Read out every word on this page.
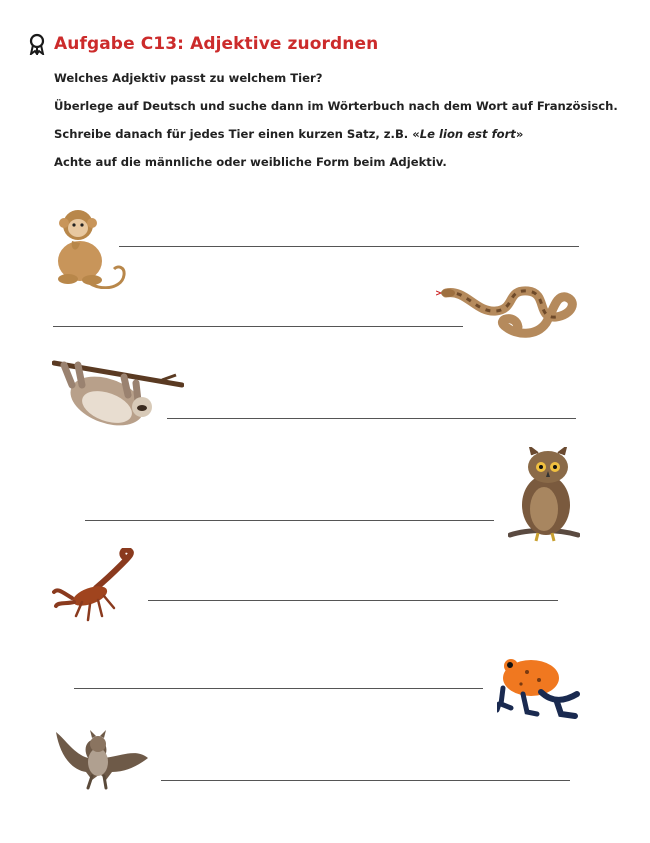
Aufgabe C13: Adjektive zuordnen
Welches Adjektiv passt zu welchem Tier?
Überlege auf Deutsch und suche dann im Wörterbuch nach dem Wort auf Französisch.
Schreibe danach für jedes Tier einen kurzen Satz, z.B. «Le lion est fort»
Achte auf die männliche oder weibliche Form beim Adjektiv.
